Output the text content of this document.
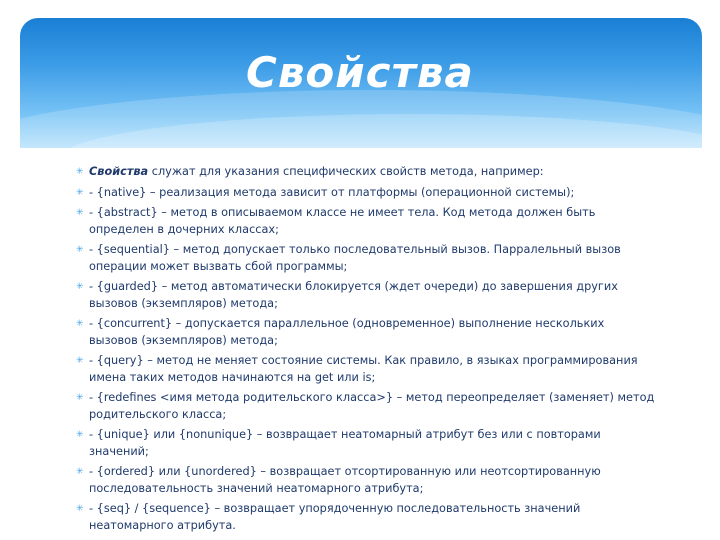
Свойства
✳ Свойства служат для указания специфических свойств метода, например:
✳ - {native} – реализация метода зависит от платформы (операционной системы);
✳ - {abstract} – метод в описываемом классе не имеет тела. Код метода должен быть определен в дочерних классах;
✳ - {sequential} – метод допускает только последовательный вызов. Парралельный вызов операции может вызвать сбой программы;
✳ - {guarded} – метод автоматически блокируется (ждет очереди) до завершения других вызовов (экземпляров) метода;
✳ - {concurrent} – допускается параллельное (одновременное) выполнение нескольких вызовов (экземпляров) метода;
✳ - {query} – метод не меняет состояние системы. Как правило, в языках программирования имена таких методов начинаются на get или is;
✳ - {redefines <имя метода родительского класса>} – метод переопределяет (заменяет) метод родительского класса;
✳ - {unique} или {nonunique} – возвращает неатомарный атрибут без или с повторами значений;
✳ - {ordered} или {unordered} – возвращает отсортированную или неотсортированную последовательность значений неатомарного атрибута;
✳ - {seq} / {sequence} – возвращает упорядоченную последовательность значений неатомарного атрибута.
